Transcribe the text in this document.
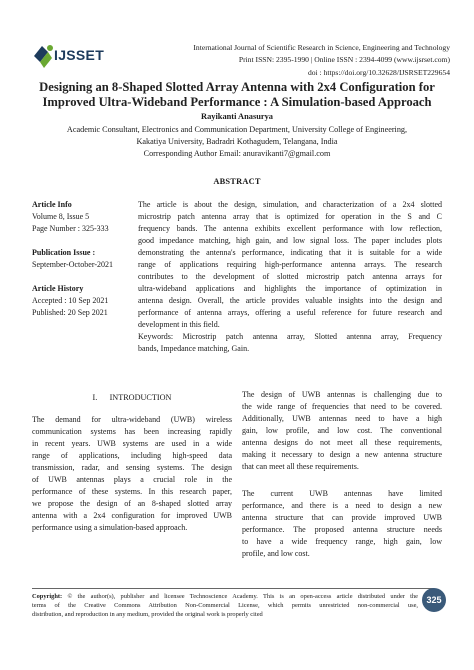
IJSSET	International Journal of Scientific Research in Science, Engineering and Technology
Print ISSN: 2395-1990 | Online ISSN : 2394-4099 (www.ijsrset.com)
doi : https://doi.org/10.32628/IJSRSET229654
Designing an 8-Shaped Slotted Array Antenna with 2x4 Configuration for
Improved Ultra-Wideband Performance : A Simulation-based Approach
Rayikanti Anasurya
Academic Consultant, Electronics and Communication Department, University College of Engineering,
Kakatiya University, Badradri Kothagudem, Telangana, India
Corresponding Author Email: anuravikanti7@gmail.com
ABSTRACT
Article Info
Volume 8, Issue 5
Page Number : 325-333
Publication Issue :
September-October-2021
Article History
Accepted : 10 Sep 2021
Published: 20 Sep 2021
The article is about the design, simulation, and characterization of a 2x4 slotted
microstrip patch antenna array that is optimized for operation in the S and C
frequency bands. The antenna exhibits excellent performance with low reflection,
good impedance matching, high gain, and low signal loss. The paper includes plots
demonstrating the antenna's performance, indicating that it is suitable for a wide
range of applications requiring high-performance antenna arrays. The research
contributes to the development of slotted microstrip patch antenna arrays for
ultra-wideband applications and highlights the importance of optimization in
antenna design. Overall, the article provides valuable insights into the design and
performance of antenna arrays, offering a useful reference for future research and
development in this field.
Keywords: Microstrip patch antenna array, Slotted antenna array, Frequency
bands, Impedance matching, Gain.
I.      INTRODUCTION
The demand for ultra-wideband (UWB) wireless
communication systems has been increasing rapidly
in recent years. UWB systems are used in a wide
range of applications, including high-speed data
transmission, radar, and sensing systems. The design
of UWB antennas plays a crucial role in the
performance of these systems. In this research paper,
we propose the design of an 8-shaped slotted array
antenna with a 2x4 configuration for improved UWB
performance using a simulation-based approach.
The design of UWB antennas is challenging due to
the wide range of frequencies that need to be covered.
Additionally, UWB antennas need to have a high
gain, low profile, and low cost. The conventional
antenna designs do not meet all these requirements,
making it necessary to design a new antenna structure
that can meet all these requirements.
The current UWB antennas have limited
performance, and there is a need to design a new
antenna structure that can provide improved UWB
performance. The proposed antenna structure needs
to have a wide frequency range, high gain, low
profile, and low cost.
Copyright: © the author(s), publisher and licensee Technoscience Academy. This is an open-access article distributed under the
terms of the Creative Commons Attribution Non-Commercial License, which permits unrestricted non-commercial use,
distribution, and reproduction in any medium, provided the original work is properly cited
325
